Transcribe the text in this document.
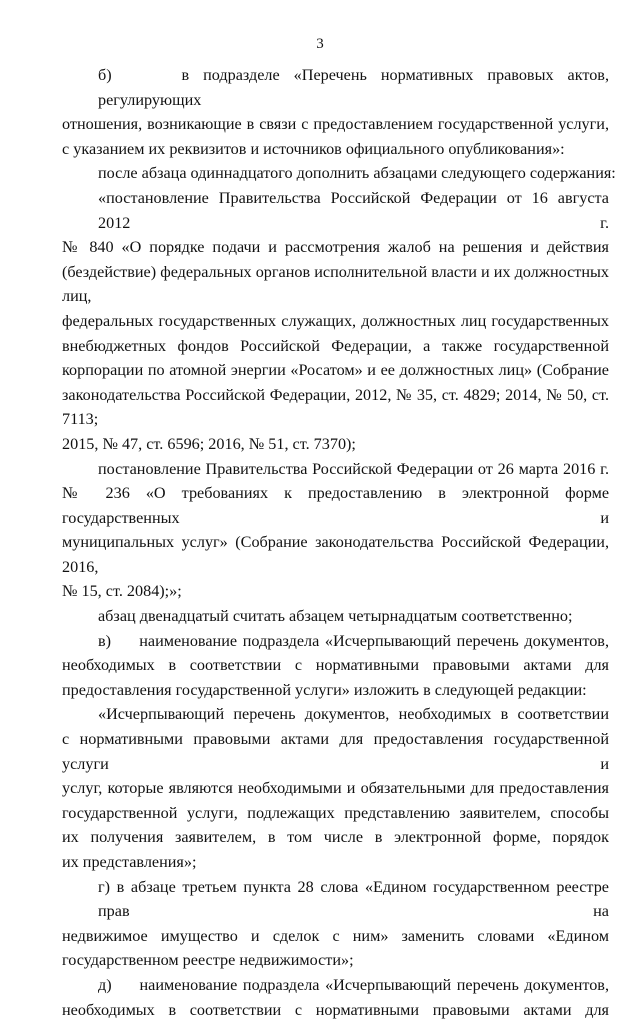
3
б)     в подразделе «Перечень нормативных правовых актов, регулирующих
отношения, возникающие в связи с предоставлением государственной услуги,
с указанием их реквизитов и источников официального опубликования»:
после абзаца одиннадцатого дополнить абзацами следующего содержания:
«постановление Правительства Российской Федерации от 16 августа 2012 г.
№ 840 «О порядке подачи и рассмотрения жалоб на решения и действия
(бездействие) федеральных органов исполнительной власти и их должностных лиц,
федеральных государственных служащих, должностных лиц государственных
внебюджетных фондов Российской Федерации, а также государственной
корпорации по атомной энергии «Росатом» и ее должностных лиц» (Собрание
законодательства Российской Федерации, 2012, № 35, ст. 4829; 2014, № 50, ст. 7113;
2015, № 47, ст. 6596; 2016, № 51, ст. 7370);
постановление Правительства Российской Федерации от 26 марта 2016 г.
№ 236 «О требованиях к предоставлению в электронной форме государственных и
муниципальных услуг» (Собрание законодательства Российской Федерации, 2016,
№ 15, ст. 2084);»;
абзац двенадцатый считать абзацем четырнадцатым соответственно;
в)     наименование подраздела «Исчерпывающий перечень документов,
необходимых в соответствии с нормативными правовыми актами для
предоставления государственной услуги» изложить в следующей редакции:
«Исчерпывающий перечень документов, необходимых в соответствии
с нормативными правовыми актами для предоставления государственной услуги и
услуг, которые являются необходимыми и обязательными для предоставления
государственной услуги, подлежащих представлению заявителем, способы
их получения заявителем, в том числе в электронной форме, порядок
их представления»;
г) в абзаце третьем пункта 28 слова «Едином государственном реестре прав на
недвижимое имущество и сделок с ним» заменить словами «Едином
государственном реестре недвижимости»;
д)     наименование подраздела «Исчерпывающий перечень документов,
необходимых в соответствии с нормативными правовыми актами для
